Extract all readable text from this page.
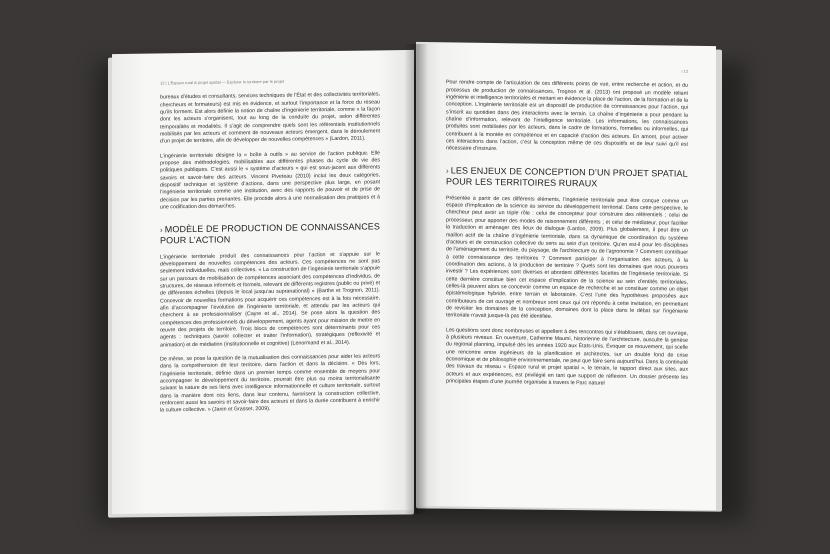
12 | L’Espace rural & projet spatial — Explorer le territoire par le projet

bureaux d’études et consultants, services techniques de l’État et des collectivités territoriales, chercheurs et formateurs) est mis en évidence, et surtout l’importance et la force du réseau qu’ils forment. Est alors définie la notion de chaîne d’ingénierie territoriale, comme « la façon dont les acteurs s’organisent, tout au long de la conduite du projet, selon différentes temporalités et modalités. Il s’agit de comprendre quels sont les référentiels institutionnels mobilisés par les acteurs et comment de nouveaux acteurs émergent, dans le déroulement d’un projet de territoire, afin de développer de nouvelles compétences » (Lardon, 2011).

L’ingénierie territoriale désigne la « boîte à outils » au service de l’action publique. Elle propose des méthodologies, mobilisables aux différentes phases du cycle de vie des politiques publiques. C’est aussi le « système d’acteurs » qui est sous-jacent aux différents savoirs et savoir-faire des acteurs. Vincent Piveteau (2010) inclut les deux catégories, dispositif technique et système d’actions, dans une perspective plus large, en posant l’ingénierie territoriale comme une institution, avec des rapports de pouvoir et de prise de décision par les parties prenantes. Elle procède alors à une normalisation des pratiques et à une codification des démarches.

› MODÈLE DE PRODUCTION DE CONNAISSANCES POUR L’ACTION

L’ingénierie territoriale produit des connaissances pour l’action et s’appuie sur le développement de nouvelles compétences des acteurs. Ces compétences ne sont pas seulement individuelles, mais collectives. « La construction de l’ingénierie territoriale s’appuie sur un parcours de mobilisation de compétences associant des compétences d’individus, de structures, de réseaux informels et formels, relevant de différents registres (public ou privé) et de différentes échelles (depuis le local jusqu’au supranational) » (Barthe et Trognon, 2011). Concevoir de nouvelles formations pour acquérir ces compétences est à la fois nécessaire, afin d’accompagner l’évolution de l’ingénierie territoriale, et attendu par les acteurs qui cherchent à se professionnaliser (Cayre et al., 2014). Se pose alors la question des compétences des professionnels du développement, agents ayant pour mission de mettre en œuvre des projets de territoire. Trois blocs de compétences sont déterminants pour ces agents : techniques (savoir collecter et traiter l’information), stratégiques (réflexivité et animation) et de médiation (institutionnelle et cognitive) (Lenormand et al., 2014).

De même, se pose la question de la mutualisation des connaissances pour aider les acteurs dans la compréhension de leur territoire, dans l’action et dans la décision. « Dès lors, l’ingénierie territoriale, définie dans un premier temps comme ensemble de moyens pour accompagner le développement du territoire, pourrait être plus ou moins territorialisante suivant la nature de ses liens avec intelligence informationnelle et culture territoriale, surtout dans la manière dont ces liens, dans leur contenu, favorisent la construction collective, renforcent aussi les savoirs et savoir-faire des acteurs et dans la durée contribuent à enrichir la culture collective. » (Janin et Grasset, 2009).

/ 13

Pour rendre compte de l’articulation de ces différents points de vue, entre recherche et action, et du processus de production de connaissances, Trognon et al. (2013) ont proposé un modèle reliant ingénierie et intelligence territoriales et mettant en évidence la place de l’action, de la formation et de la conception. L’ingénierie territoriale est un dispositif de production de connaissances pour l’action, qui s’inscrit au quotidien dans des interactions avec le terrain. La chaîne d’ingénierie a pour pendant la chaîne d’information, relevant de l’intelligence territoriale. Les informations, les connaissances produites sont mobilisées par les acteurs, dans le cadre de formations, formelles ou informelles, qui contribuent à la montée en compétence et en capacité d’action des acteurs. En amont, pour activer ces interactions dans l’action, c’est la conception même de ces dispositifs et de leur suivi qu’il est nécessaire d’instruire.

› LES ENJEUX DE CONCEPTION D’UN PROJET SPATIAL POUR LES TERRITOIRES RURAUX

Présentée à partir de ces différents éléments, l’ingénierie territoriale peut être conçue comme un espace d’implication de la science au service du développement territorial. Dans cette perspective, le chercheur peut avoir un triple rôle : celui de concepteur pour construire des référentiels ; celui de processeur, pour apporter des modes de raisonnement différents ; et celui de médiateur, pour faciliter la traduction et aménager des lieux de dialogue (Lardon, 2009). Plus globalement, il peut être un maillon actif de la chaîne d’ingénierie territoriale, dans sa dynamique de coordination du système d’acteurs et de construction collective du sens au sein d’un territoire. Qu’en est-il pour les disciplines de l’aménagement du territoire, du paysage, de l’architecture ou de l’agronomie ? Comment contribuer à cette connaissance des territoires ? Comment participer à l’organisation des acteurs, à la coordination des actions, à la production de territoire ? Quels sont les domaines que nous pouvons investir ? Les expériences sont diverses et abordent différentes facettes de l’ingénierie territoriale. Si cette dernière constitue bien cet espace d’implication de la science au sein d’entités territoriales, celles-là peuvent alors se concevoir comme un espace de recherche et se constituer comme un objet épistémologique hybride, entre terrain et laboratoire. C’est l’une des hypothèses proposées aux contributeurs de cet ouvrage et nombreux sont ceux qui ont répondu à cette invitation, en permettant de revisiter les domaines de la conception, domaines dont la place dans le débat sur l’ingénierie territoriale n’avait jusque-là pas été identifiée.

Les questions sont donc nombreuses et appellent à des rencontres qui s’établissent, dans cet ouvrage, à plusieurs niveaux. En ouverture, Catherine Maumi, historienne de l’architecture, ausculte la genèse du regional planning, impulsé dès les années 1920 aux États-Unis. Évoquer ce mouvement, qui scelle une rencontre entre ingénieurs de la planification et architectes, sur un double fond de crise économique et de philosophie environnementale, ne peut que faire sens aujourd’hui. Dans la continuité des travaux du réseau « Espace rural et projet spatial », le terrain, le rapport direct aux sites, aux acteurs et aux expériences, est privilégié en tant que support de réflexion. Un dossier présente les principales étapes d’une journée organisée à travers le Parc naturel
